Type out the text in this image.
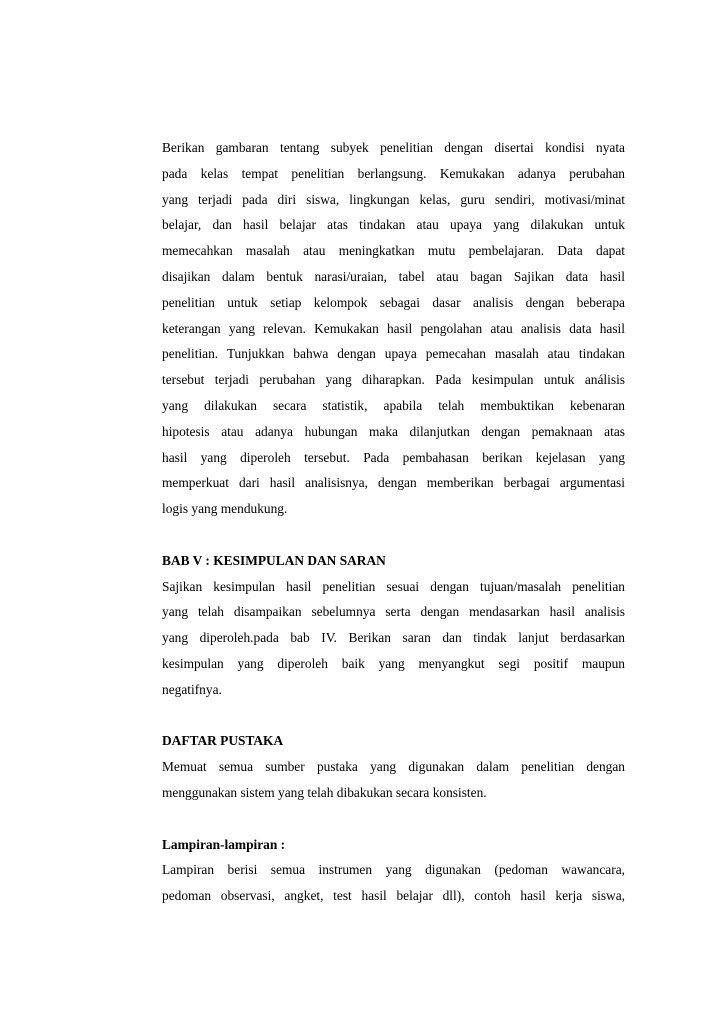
Berikan gambaran tentang subyek penelitian dengan disertai kondisi nyata
pada kelas tempat penelitian berlangsung. Kemukakan adanya perubahan
yang terjadi pada diri siswa, lingkungan kelas, guru sendiri, motivasi/minat
belajar, dan hasil belajar atas tindakan atau upaya yang dilakukan untuk
memecahkan masalah atau meningkatkan mutu pembelajaran. Data dapat
disajikan dalam bentuk narasi/uraian, tabel atau bagan Sajikan data hasil
penelitian untuk setiap kelompok sebagai dasar analisis dengan beberapa
keterangan yang relevan. Kemukakan hasil pengolahan atau analisis data hasil
penelitian. Tunjukkan bahwa dengan upaya pemecahan masalah atau tindakan
tersebut terjadi perubahan yang diharapkan. Pada kesimpulan untuk análisis
yang dilakukan secara statistik, apabila telah membuktikan kebenaran
hipotesis atau adanya hubungan maka dilanjutkan dengan pemaknaan atas
hasil yang diperoleh tersebut. Pada pembahasan berikan kejelasan yang
memperkuat dari hasil analisisnya, dengan memberikan berbagai argumentasi
logis yang mendukung.
BAB V : KESIMPULAN DAN SARAN
Sajikan kesimpulan hasil penelitian sesuai dengan tujuan/masalah penelitian
yang telah disampaikan sebelumnya serta dengan mendasarkan hasil analisis
yang diperoleh.pada bab IV. Berikan saran dan tindak lanjut berdasarkan
kesimpulan yang diperoleh baik yang menyangkut segi positif maupun
negatifnya.
DAFTAR PUSTAKA
Memuat semua sumber pustaka yang digunakan dalam penelitian dengan
menggunakan sistem yang telah dibakukan secara konsisten.
Lampiran-lampiran :
Lampiran berisi semua instrumen yang digunakan (pedoman wawancara,
pedoman observasi, angket, test hasil belajar dll), contoh hasil kerja siswa,
